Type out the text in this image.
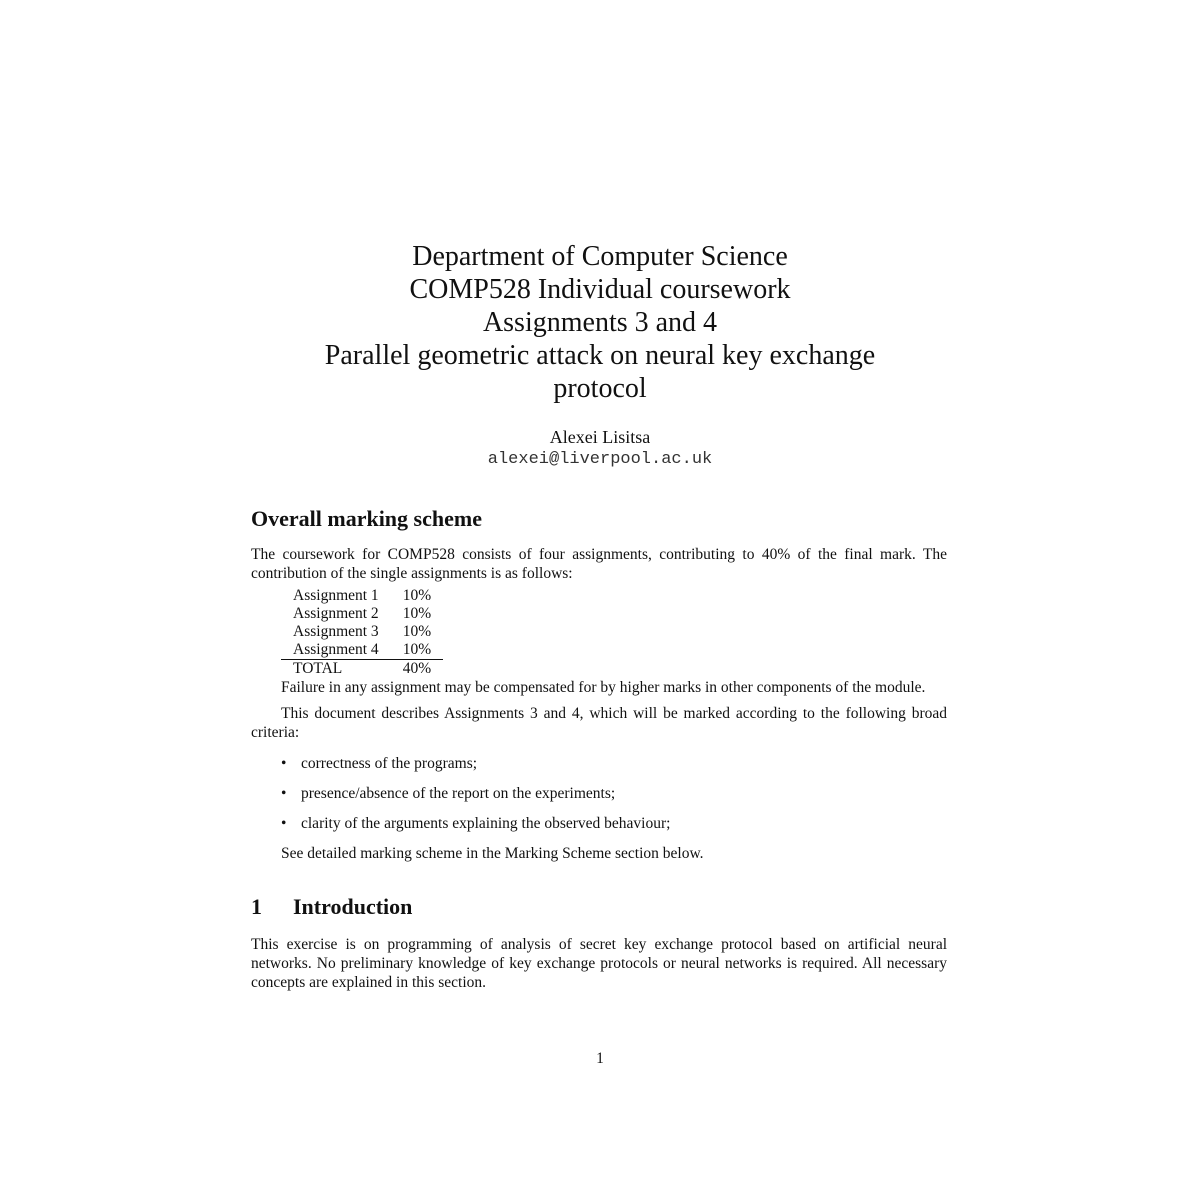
Department of Computer Science

COMP528 Individual coursework

Assignments 3 and 4

Parallel geometric attack on neural key exchange

protocol

Alexei Lisitsa
alexei@liverpool.ac.uk
Overall marking scheme

The coursework for COMP528 consists of four assignments, contributing to 40% of the final mark. The contribution of the single assignments is as follows:

Assignment 1	10%
Assignment 2	10%
Assignment 3	10%
Assignment 4	10%
TOTAL	40%

Failure in any assignment may be compensated for by higher marks in other components of the module.

This document describes Assignments 3 and 4, which will be marked according to the following broad criteria:

• correctness of the programs;
• presence/absence of the report on the experiments;
• clarity of the arguments explaining the observed behaviour;

See detailed marking scheme in the Marking Scheme section below.

1 Introduction

This exercise is on programming of analysis of secret key exchange protocol based on artificial neural networks. No preliminary knowledge of key exchange protocols or neural networks is required. All necessary concepts are explained in this section.

1
